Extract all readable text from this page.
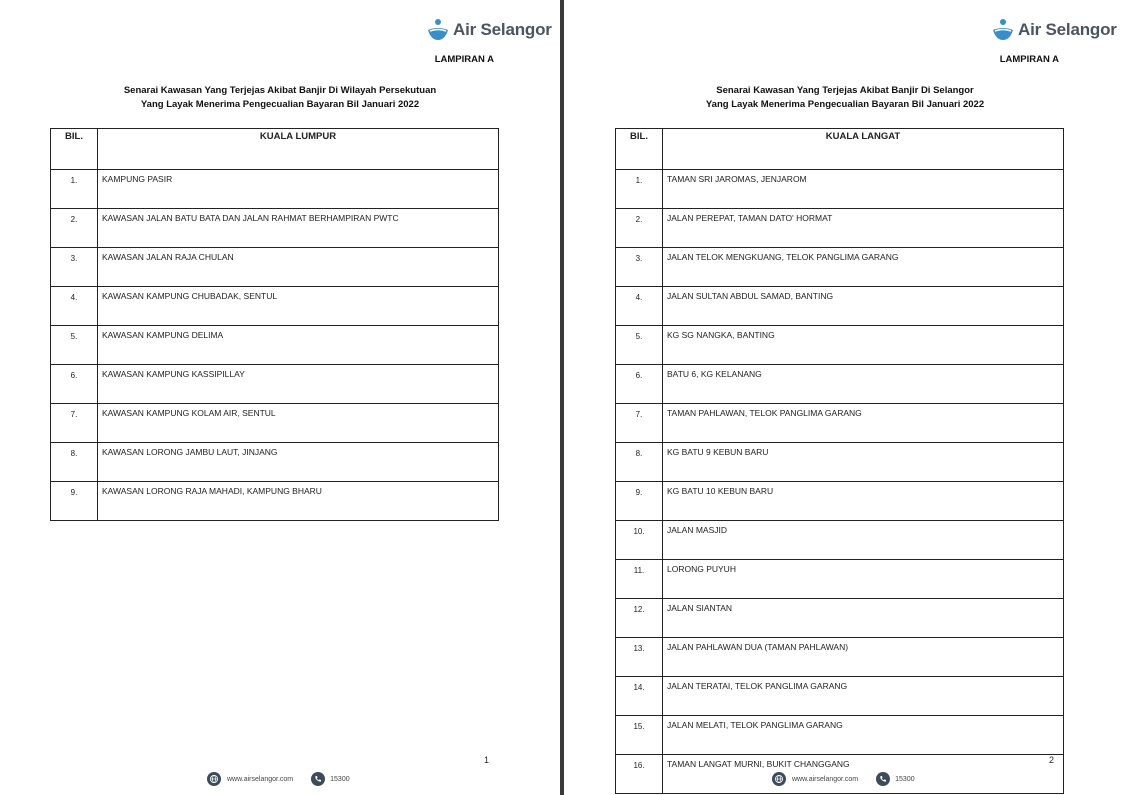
Air Selangor
LAMPIRAN A
Senarai Kawasan Yang Terjejas Akibat Banjir Di Wilayah Persekutuan
Yang Layak Menerima Pengecualian Bayaran Bil Januari 2022
BIL.	KUALA LUMPUR
1.	KAMPUNG PASIR
2.	KAWASAN JALAN BATU BATA DAN JALAN RAHMAT BERHAMPIRAN PWTC
3.	KAWASAN JALAN RAJA CHULAN
4.	KAWASAN KAMPUNG CHUBADAK, SENTUL
5.	KAWASAN KAMPUNG DELIMA
6.	KAWASAN KAMPUNG KASSIPILLAY
7.	KAWASAN KAMPUNG KOLAM AIR, SENTUL
8.	KAWASAN LORONG JAMBU LAUT, JINJANG
9.	KAWASAN LORONG RAJA MAHADI, KAMPUNG BHARU
1
www.airselangor.com	15300
Air Selangor
LAMPIRAN A
Senarai Kawasan Yang Terjejas Akibat Banjir Di Selangor
Yang Layak Menerima Pengecualian Bayaran Bil Januari 2022
BIL.	KUALA LANGAT
1.	TAMAN SRI JAROMAS, JENJAROM
2.	JALAN PEREPAT, TAMAN DATO' HORMAT
3.	JALAN TELOK MENGKUANG, TELOK PANGLIMA GARANG
4.	JALAN SULTAN ABDUL SAMAD, BANTING
5.	KG SG NANGKA, BANTING
6.	BATU 6, KG KELANANG
7.	TAMAN PAHLAWAN, TELOK PANGLIMA GARANG
8.	KG BATU 9 KEBUN BARU
9.	KG BATU 10 KEBUN BARU
10.	JALAN MASJID
11.	LORONG PUYUH
12.	JALAN SIANTAN
13.	JALAN PAHLAWAN DUA (TAMAN PAHLAWAN)
14.	JALAN TERATAI, TELOK PANGLIMA GARANG
15.	JALAN MELATI, TELOK PANGLIMA GARANG
16.	TAMAN LANGAT MURNI, BUKIT CHANGGANG	2
www.airselangor.com	15300
